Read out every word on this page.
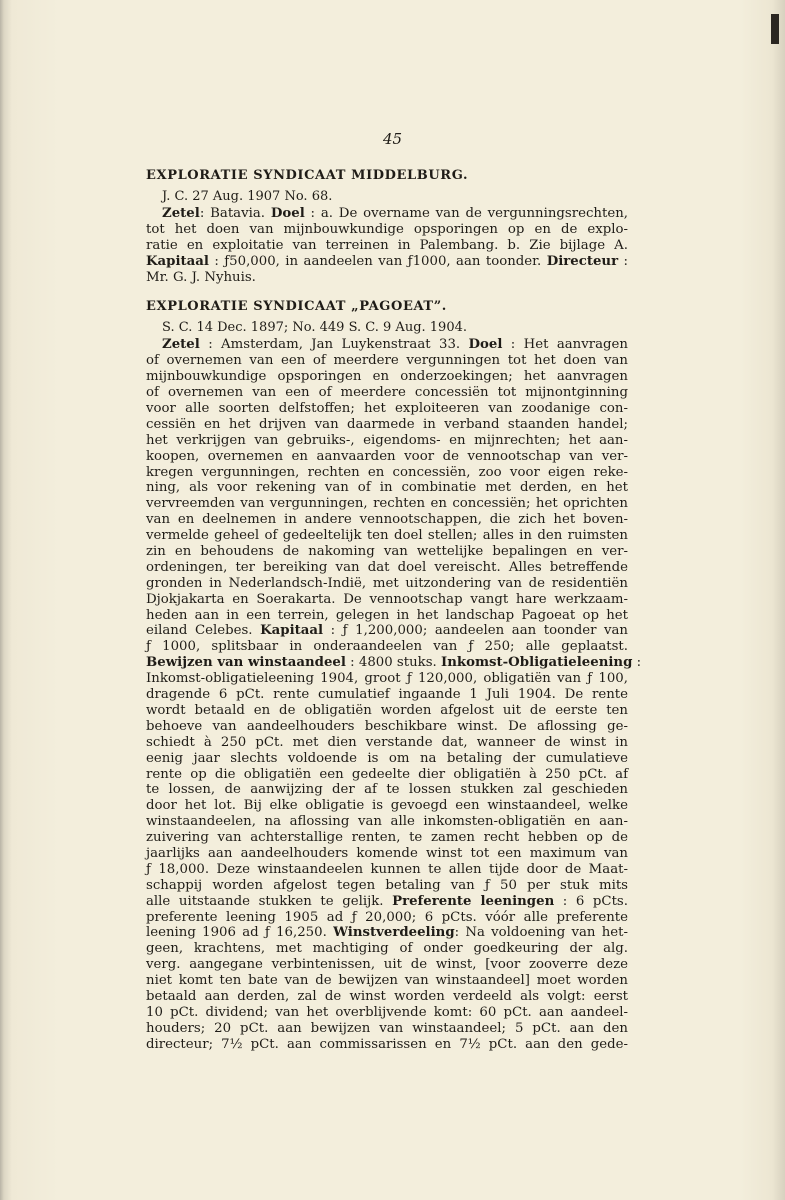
45
EXPLORATIE SYNDICAAT MIDDELBURG.
J. C. 27 Aug. 1907 No. 68.
Zetel: Batavia. Doel : a. De overname van de vergunningsrechten,
tot het doen van mijnbouwkundige opsporingen op en de explo-
ratie en exploitatie van terreinen in Palembang. b. Zie bijlage A.
Kapitaal : ƒ50,000, in aandeelen van ƒ1000, aan toonder. Directeur :
Mr. G. J. Nyhuis.
EXPLORATIE SYNDICAAT „PAGOEAT”.
S. C. 14 Dec. 1897; No. 449 S. C. 9 Aug. 1904.
Zetel : Amsterdam, Jan Luykenstraat 33. Doel : Het aanvragen
of overnemen van een of meerdere vergunningen tot het doen van
mijnbouwkundige opsporingen en onderzoekingen; het aanvragen
of overnemen van een of meerdere concessiën tot mijnontginning
voor alle soorten delfstoffen; het exploiteeren van zoodanige con-
cessiën en het drijven van daarmede in verband staanden handel;
het verkrijgen van gebruiks-, eigendoms- en mijnrechten; het aan-
koopen, overnemen en aanvaarden voor de vennootschap van ver-
kregen vergunningen, rechten en concessiën, zoo voor eigen reke-
ning, als voor rekening van of in combinatie met derden, en het
vervreemden van vergunningen, rechten en concessiën; het oprichten
van en deelnemen in andere vennootschappen, die zich het boven-
vermelde geheel of gedeeltelijk ten doel stellen; alles in den ruimsten
zin en behoudens de nakoming van wettelijke bepalingen en ver-
ordeningen, ter bereiking van dat doel vereischt. Alles betreffende
gronden in Nederlandsch-Indië, met uitzondering van de residentiën
Djokjakarta en Soerakarta. De vennootschap vangt hare werkzaam-
heden aan in een terrein, gelegen in het landschap Pagoeat op het
eiland Celebes. Kapitaal : ƒ 1,200,000; aandeelen aan toonder van
ƒ 1000, splitsbaar in onderaandeelen van ƒ 250; alle geplaatst.
Bewijzen van winstaandeel : 4800 stuks. Inkomst-Obligatieleening :
Inkomst-obligatieleening 1904, groot ƒ 120,000, obligatiën van ƒ 100,
dragende 6 pCt. rente cumulatief ingaande 1 Juli 1904. De rente
wordt betaald en de obligatiën worden afgelost uit de eerste ten
behoeve van aandeelhouders beschikbare winst. De aflossing ge-
schiedt à 250 pCt. met dien verstande dat, wanneer de winst in
eenig jaar slechts voldoende is om na betaling der cumulatieve
rente op die obligatiën een gedeelte dier obligatiën à 250 pCt. af
te lossen, de aanwijzing der af te lossen stukken zal geschieden
door het lot. Bij elke obligatie is gevoegd een winstaandeel, welke
winstaandeelen, na aflossing van alle inkomsten-obligatiën en aan-
zuivering van achterstallige renten, te zamen recht hebben op de
jaarlijks aan aandeelhouders komende winst tot een maximum van
ƒ 18,000. Deze winstaandeelen kunnen te allen tijde door de Maat-
schappij worden afgelost tegen betaling van ƒ 50 per stuk mits
alle uitstaande stukken te gelijk. Preferente leeningen : 6 pCts.
preferente leening 1905 ad ƒ 20,000; 6 pCts. vóór alle preferente
leening 1906 ad ƒ 16,250. Winstverdeeling: Na voldoening van het-
geen, krachtens, met machtiging of onder goedkeuring der alg.
verg. aangegane verbintenissen, uit de winst, [voor zooverre deze
niet komt ten bate van de bewijzen van winstaandeel] moet worden
betaald aan derden, zal de winst worden verdeeld als volgt: eerst
10 pCt. dividend; van het overblijvende komt: 60 pCt. aan aandeel-
houders; 20 pCt. aan bewijzen van winstaandeel; 5 pCt. aan den
directeur; 7½ pCt. aan commissarissen en 7½ pCt. aan den gede-
